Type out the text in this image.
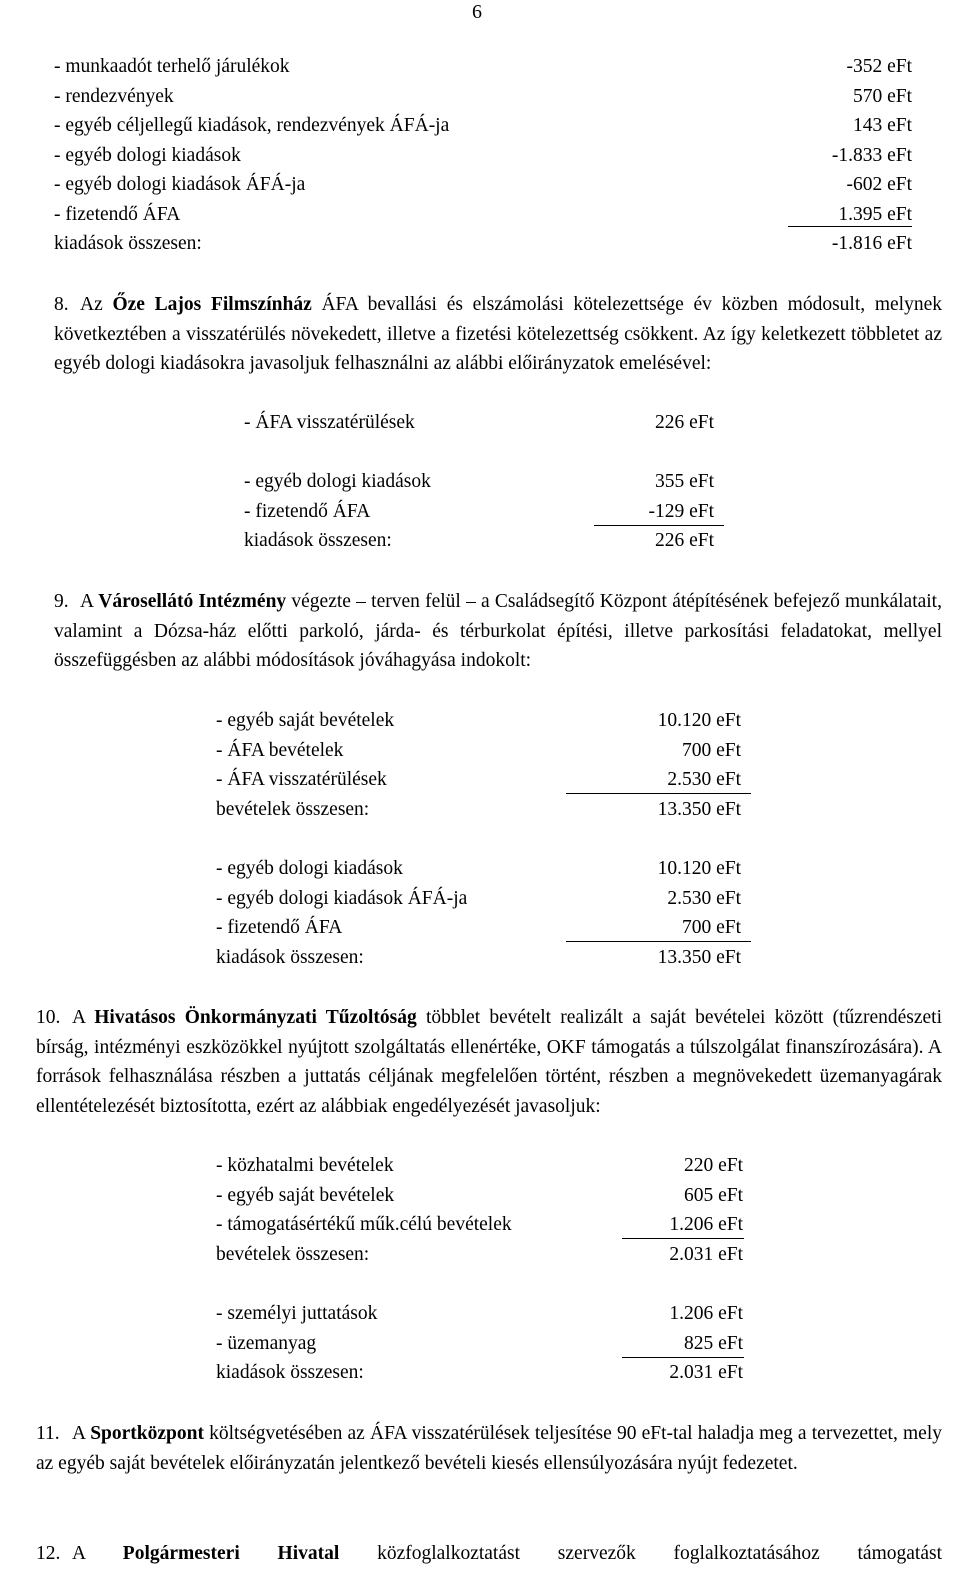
6
- munkaadót terhelő járulékok	-352 eFt
- rendezvények	570 eFt
- egyéb céljellegű kiadások, rendezvények ÁFÁ-ja	143 eFt
- egyéb dologi kiadások	-1.833 eFt
- egyéb dologi kiadások ÁFÁ-ja	-602 eFt
- fizetendő ÁFA	1.395 eFt
kiadások összesen:	-1.816 eFt
8. Az Őze Lajos Filmszínház ÁFA bevallási és elszámolási kötelezettsége év közben módosult, melynek következtében a visszatérülés növekedett, illetve a fizetési kötelezettség csökkent. Az így keletkezett többletet az egyéb dologi kiadásokra javasoljuk felhasználni az alábbi előirányzatok emelésével:

- ÁFA visszatérülések	226 eFt
- egyéb dologi kiadások	355 eFt
- fizetendő ÁFA	-129 eFt
kiadások összesen:	226 eFt
9. A Városellátó Intézmény végezte – terven felül – a Családsegítő Központ átépítésének befejező munkálatait, valamint a Dózsa-ház előtti parkoló, járda- és térburkolat építési, illetve parkosítási feladatokat, mellyel összefüggésben az alábbi módosítások jóváhagyása indokolt:

- egyéb saját bevételek	10.120 eFt
- ÁFA bevételek	700 eFt
- ÁFA visszatérülések	2.530 eFt
bevételek összesen:	13.350 eFt
- egyéb dologi kiadások	10.120 eFt
- egyéb dologi kiadások ÁFÁ-ja	2.530 eFt
- fizetendő ÁFA	700 eFt
kiadások összesen:	13.350 eFt
10. A Hivatásos Önkormányzati Tűzoltóság többlet bevételt realizált a saját bevételei között (tűzrendészeti bírság, intézményi eszközökkel nyújtott szolgáltatás ellenértéke, OKF támogatás a túlszolgálat finanszírozására). A források felhasználása részben a juttatás céljának megfelelően történt, részben a megnövekedett üzemanyagárak ellentételezését biztosította, ezért az alábbiak engedélyezését javasoljuk:

- közhatalmi bevételek	220 eFt
- egyéb saját bevételek	605 eFt
- támogatásértékű műk.célú bevételek	1.206 eFt
bevételek összesen:	2.031 eFt
- személyi juttatások	1.206 eFt
- üzemanyag	825 eFt
kiadások összesen:	2.031 eFt
11. A Sportközpont költségvetésében az ÁFA visszatérülések teljesítése 90 eFt-tal haladja meg a tervezettet, mely az egyéb saját bevételek előirányzatán jelentkező bevételi kiesés ellensúlyozására nyújt fedezetet.

12. A Polgármesteri Hivatal közfoglalkoztatást szervezők foglalkoztatásához támogatást
